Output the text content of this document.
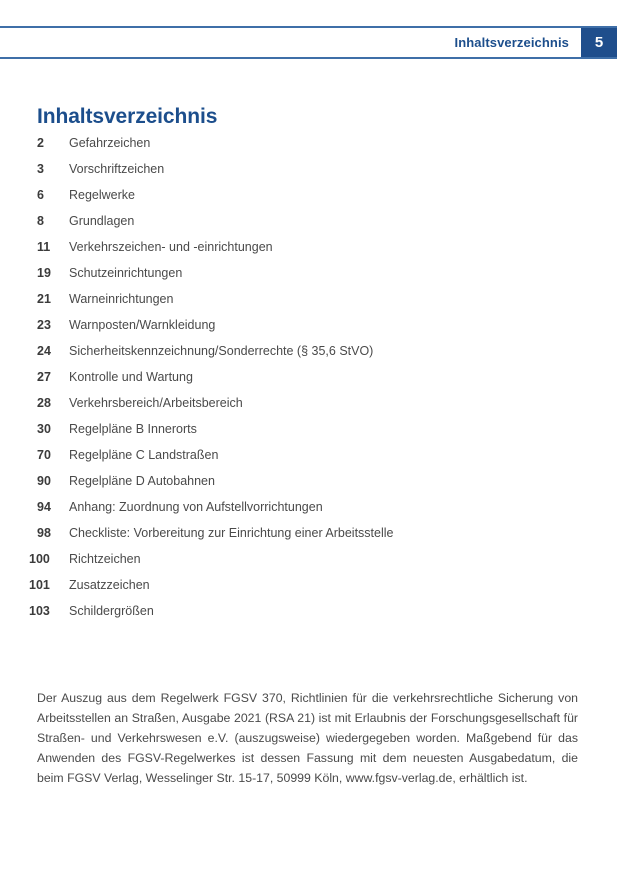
Inhaltsverzeichnis	5
Inhaltsverzeichnis
2	Gefahrzeichen
3	Vorschriftzeichen
6	Regelwerke
8	Grundlagen
11	Verkehrszeichen- und -einrichtungen
19	Schutzeinrichtungen
21	Warneinrichtungen
23	Warnposten/Warnkleidung
24	Sicherheitskennzeichnung/Sonderrechte (§ 35,6 StVO)
27	Kontrolle und Wartung
28	Verkehrsbereich/Arbeitsbereich
30	Regelpläne B Innerorts
70	Regelpläne C Landstraßen
90	Regelpläne D Autobahnen
94	Anhang: Zuordnung von Aufstellvorrichtungen
98	Checkliste: Vorbereitung zur Einrichtung einer Arbeitsstelle
100	Richtzeichen
101	Zusatzzeichen
103	Schildergrößen

Der Auszug aus dem Regelwerk FGSV 370, Richtlinien für die verkehrsrechtliche Sicherung von Arbeitsstellen an Straßen, Ausgabe 2021 (RSA 21) ist mit Erlaubnis der Forschungsgesellschaft für Straßen- und Verkehrswesen e.V. (auszugsweise) wiedergegeben worden. Maßgebend für das Anwenden des FGSV-Regelwerkes ist dessen Fassung mit dem neuesten Ausgabedatum, die beim FGSV Verlag, Wesselinger Str. 15-17, 50999 Köln, www.fgsv-verlag.de, erhältlich ist.
